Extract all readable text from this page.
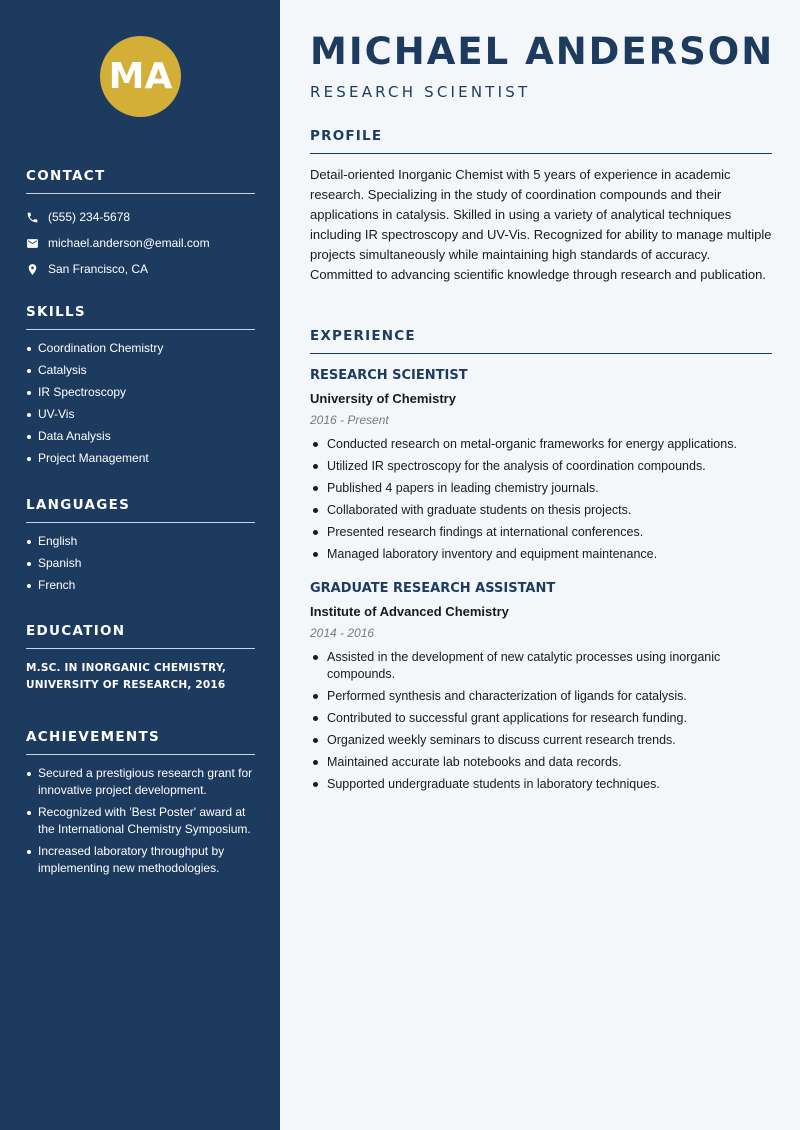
MA
CONTACT
(555) 234-5678
michael.anderson@email.com
San Francisco, CA
SKILLS
Coordination Chemistry
Catalysis
IR Spectroscopy
UV-Vis
Data Analysis
Project Management
LANGUAGES
English
Spanish
French
EDUCATION

M.SC. IN INORGANIC CHEMISTRY, UNIVERSITY OF RESEARCH, 2016

ACHIEVEMENTS
Secured a prestigious research grant for innovative project development.
Recognized with 'Best Poster' award at the International Chemistry Symposium.
Increased laboratory throughput by implementing new methodologies.
MICHAEL ANDERSON
RESEARCH SCIENTIST
PROFILE

Detail-oriented Inorganic Chemist with 5 years of experience in academic research. Specializing in the study of coordination compounds and their applications in catalysis. Skilled in using a variety of analytical techniques including IR spectroscopy and UV-Vis. Recognized for ability to manage multiple projects simultaneously while maintaining high standards of accuracy. Committed to advancing scientific knowledge through research and publication.

EXPERIENCE
RESEARCH SCIENTIST
University of Chemistry
2016 - Present
Conducted research on metal-organic frameworks for energy applications.
Utilized IR spectroscopy for the analysis of coordination compounds.
Published 4 papers in leading chemistry journals.
Collaborated with graduate students on thesis projects.
Presented research findings at international conferences.
Managed laboratory inventory and equipment maintenance.
GRADUATE RESEARCH ASSISTANT
Institute of Advanced Chemistry
2014 - 2016
Assisted in the development of new catalytic processes using inorganic compounds.
Performed synthesis and characterization of ligands for catalysis.
Contributed to successful grant applications for research funding.
Organized weekly seminars to discuss current research trends.
Maintained accurate lab notebooks and data records.
Supported undergraduate students in laboratory techniques.
